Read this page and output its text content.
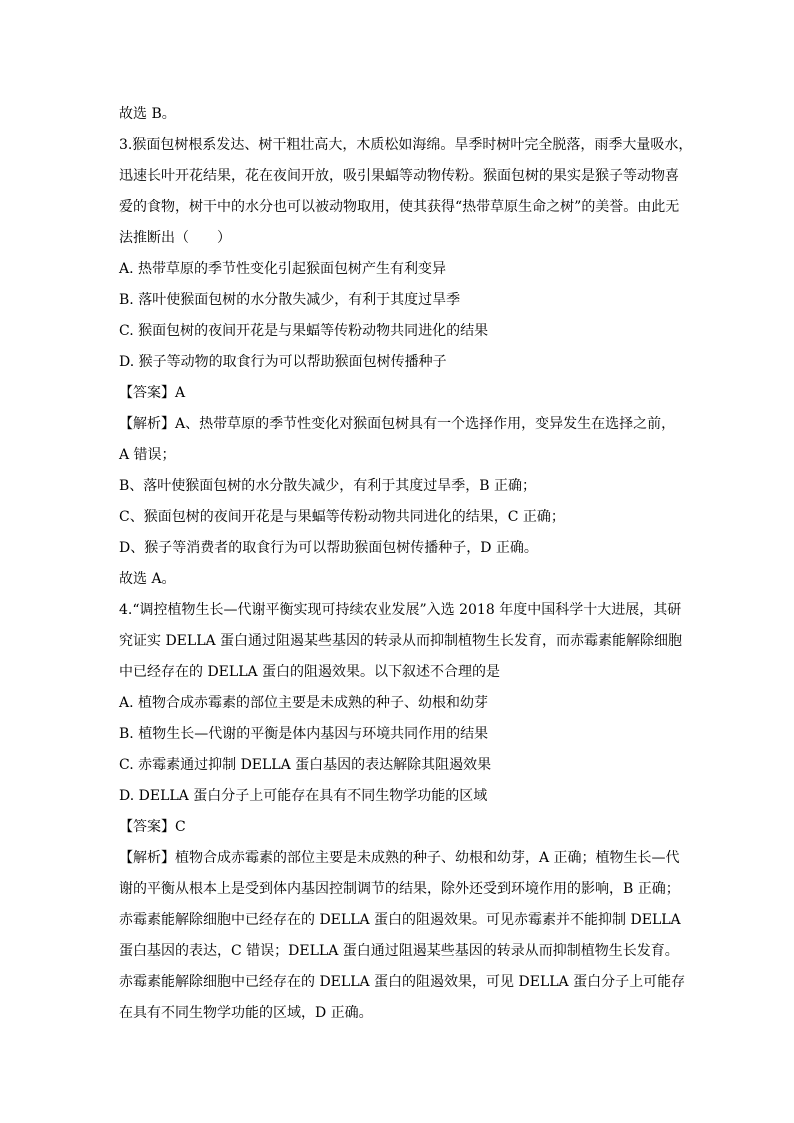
故选 B。
3.猴面包树根系发达、树干粗壮高大，木质松如海绵。旱季时树叶完全脱落，雨季大量吸水，
迅速长叶开花结果，花在夜间开放，吸引果蝠等动物传粉。猴面包树的果实是猴子等动物喜
爱的食物，树干中的水分也可以被动物取用，使其获得“热带草原生命之树”的美誉。由此无
法推断出（　　）
A. 热带草原的季节性变化引起猴面包树产生有利变异
B. 落叶使猴面包树的水分散失减少，有利于其度过旱季
C. 猴面包树的夜间开花是与果蝠等传粉动物共同进化的结果
D. 猴子等动物的取食行为可以帮助猴面包树传播种子
【答案】A
【解析】A、热带草原的季节性变化对猴面包树具有一个选择作用，变异发生在选择之前，
A 错误；
B、落叶使猴面包树的水分散失减少，有利于其度过旱季，B 正确；
C、猴面包树的夜间开花是与果蝠等传粉动物共同进化的结果，C 正确；
D、猴子等消费者的取食行为可以帮助猴面包树传播种子，D 正确。
故选 A。
4.“调控植物生长—代谢平衡实现可持续农业发展”入选 2018 年度中国科学十大进展，其研
究证实 DELLA 蛋白通过阻遏某些基因的转录从而抑制植物生长发育，而赤霉素能解除细胞
中已经存在的 DELLA 蛋白的阻遏效果。以下叙述不合理的是
A. 植物合成赤霉素的部位主要是未成熟的种子、幼根和幼芽
B. 植物生长—代谢的平衡是体内基因与环境共同作用的结果
C. 赤霉素通过抑制 DELLA 蛋白基因的表达解除其阻遏效果
D. DELLA 蛋白分子上可能存在具有不同生物学功能的区域
【答案】C
【解析】植物合成赤霉素的部位主要是未成熟的种子、幼根和幼芽，A 正确；植物生长—代
谢的平衡从根本上是受到体内基因控制调节的结果，除外还受到环境作用的影响，B 正确；
赤霉素能解除细胞中已经存在的 DELLA 蛋白的阻遏效果。可见赤霉素并不能抑制 DELLA
蛋白基因的表达，C 错误；DELLA 蛋白通过阻遏某些基因的转录从而抑制植物生长发育。
赤霉素能解除细胞中已经存在的 DELLA 蛋白的阻遏效果，可见 DELLA 蛋白分子上可能存
在具有不同生物学功能的区域，D 正确。
